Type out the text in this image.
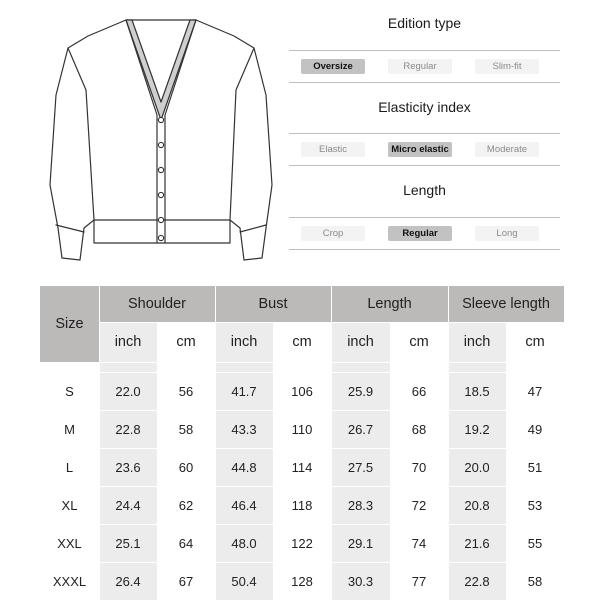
Edition type
Oversize	Regular	Slim-fit
Elasticity index
Elastic	Micro elastic	Moderate
Length
Crop	Regular	Long
Size
Shoulder	Bust	Length	Sleeve length
inch	cm	inch	cm	inch	cm	inch	cm
S	22.0	56	41.7	106	25.9	66	18.5	47
M	22.8	58	43.3	110	26.7	68	19.2	49
L	23.6	60	44.8	114	27.5	70	20.0	51
XL	24.4	62	46.4	118	28.3	72	20.8	53
XXL	25.1	64	48.0	122	29.1	74	21.6	55
XXXL	26.4	67	50.4	128	30.3	77	22.8	58
